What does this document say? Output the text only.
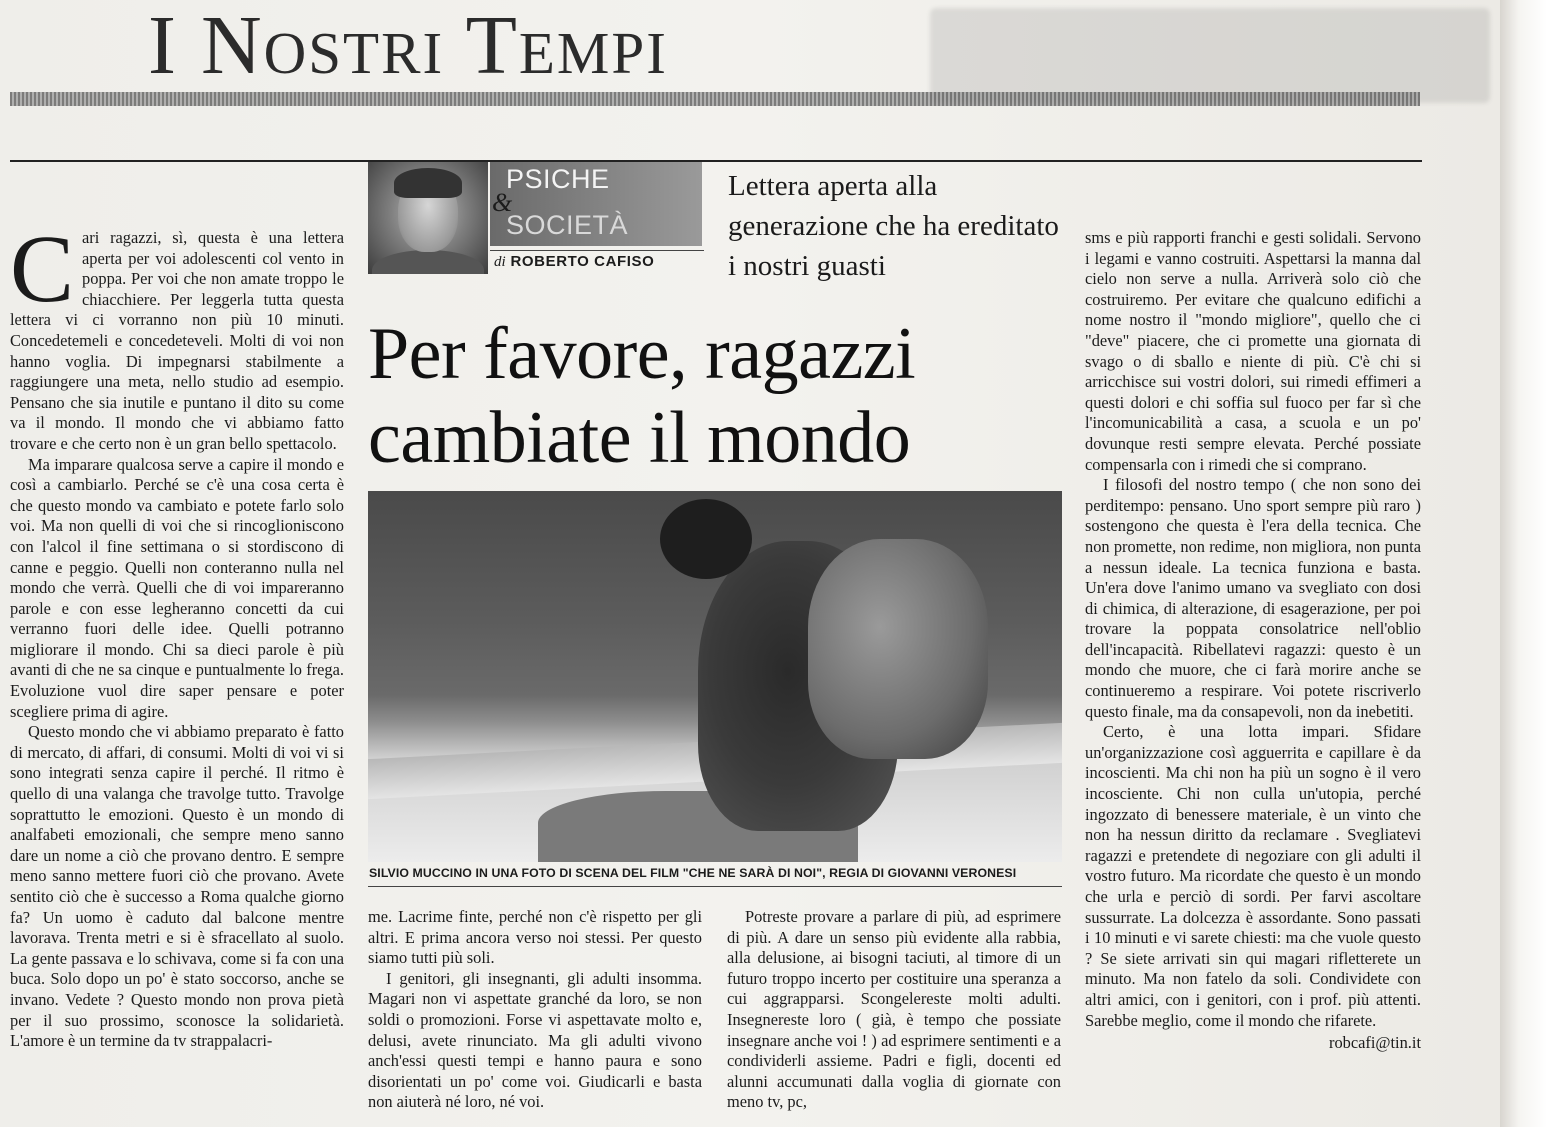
I Nostri Tempi
PSICHE
&
SOCIETÀ
di ROBERTO CAFISO
Lettera aperta alla generazione che ha ereditato i nostri guasti
Per favore, ragazzi
cambiate il mondo
SILVIO MUCCINO IN UNA FOTO DI SCENA DEL FILM "CHE NE SARÀ DI NOI", REGIA DI GIOVANNI VERONESI

Cari ragazzi, sì, questa è una lettera aperta per voi adolescenti col vento in poppa. Per voi che non amate troppo le chiacchiere. Per leggerla tutta questa lettera vi ci vorranno non più 10 minuti. Concedetemeli e concedeteveli. Molti di voi non hanno voglia. Di impegnarsi stabilmente a raggiungere una meta, nello studio ad esempio. Pensano che sia inutile e puntano il dito su come va il mondo. Il mondo che vi abbiamo fatto trovare e che certo non è un gran bello spettacolo.

Ma imparare qualcosa serve a capire il mondo e così a cambiarlo. Perché se c'è una cosa certa è che questo mondo va cambiato e potete farlo solo voi. Ma non quelli di voi che si rincoglioniscono con l'alcol il fine settimana o si stordiscono di canne e peggio. Quelli non conteranno nulla nel mondo che verrà. Quelli che di voi impareranno parole e con esse legheranno concetti da cui verranno fuori delle idee. Quelli potranno migliorare il mondo. Chi sa dieci parole è più avanti di che ne sa cinque e puntualmente lo frega. Evoluzione vuol dire saper pensare e poter scegliere prima di agire.

Questo mondo che vi abbiamo preparato è fatto di mercato, di affari, di consumi. Molti di voi vi si sono integrati senza capire il perché. Il ritmo è quello di una valanga che travolge tutto. Travolge soprattutto le emozioni. Questo è un mondo di analfabeti emozionali, che sempre meno sanno dare un nome a ciò che provano dentro. E sempre meno sanno mettere fuori ciò che provano. Avete sentito ciò che è successo a Roma qualche giorno fa? Un uomo è caduto dal balcone mentre lavorava. Trenta metri e si è sfracellato al suolo. La gente passava e lo schivava, come si fa con una buca. Solo dopo un po' è stato soccorso, anche se invano. Vedete ? Questo mondo non prova pietà per il suo prossimo, sconosce la solidarietà. L'amore è un termine da tv strappalacri-

me. Lacrime finte, perché non c'è rispetto per gli altri. E prima ancora verso noi stessi. Per questo siamo tutti più soli.

I genitori, gli insegnanti, gli adulti insomma. Magari non vi aspettate granché da loro, se non soldi o promozioni. Forse vi aspettavate molto e, delusi, avete rinunciato. Ma gli adulti vivono anch'essi questi tempi e hanno paura e sono disorientati un po' come voi. Giudicarli e basta non aiuterà né loro, né voi.

Potreste provare a parlare di più, ad esprimere di più. A dare un senso più evidente alla rabbia, alla delusione, ai bisogni taciuti, al timore di un futuro troppo incerto per costituire una speranza a cui aggrapparsi. Scongelereste molti adulti. Insegnereste loro ( già, è tempo che possiate insegnare anche voi ! ) ad esprimere sentimenti e a condividerli assieme. Padri e figli, docenti ed alunni accumunati dalla voglia di giornate con meno tv, pc,

sms e più rapporti franchi e gesti solidali. Servono i legami e vanno costruiti. Aspettarsi la manna dal cielo non serve a nulla. Arriverà solo ciò che costruiremo. Per evitare che qualcuno edifichi a nome nostro il "mondo migliore", quello che ci "deve" piacere, che ci promette una giornata di svago o di sballo e niente di più. C'è chi si arricchisce sui vostri dolori, sui rimedi effimeri a questi dolori e chi soffia sul fuoco per far sì che l'incomunicabilità a casa, a scuola e un po' dovunque resti sempre elevata. Perché possiate compensarla con i rimedi che si comprano.

I filosofi del nostro tempo ( che non sono dei perditempo: pensano. Uno sport sempre più raro ) sostengono che questa è l'era della tecnica. Che non promette, non redime, non migliora, non punta a nessun ideale. La tecnica funziona e basta. Un'era dove l'animo umano va svegliato con dosi di chimica, di alterazione, di esagerazione, per poi trovare la poppata consolatrice nell'oblio dell'incapacità. Ribellatevi ragazzi: questo è un mondo che muore, che ci farà morire anche se continueremo a respirare. Voi potete riscriverlo questo finale, ma da consapevoli, non da inebetiti.

Certo, è una lotta impari. Sfidare un'organizzazione così agguerrita e capillare è da incoscienti. Ma chi non ha più un sogno è il vero incosciente. Chi non culla un'utopia, perché ingozzato di benessere materiale, è un vinto che non ha nessun diritto da reclamare . Svegliatevi ragazzi e pretendete di negoziare con gli adulti il vostro futuro. Ma ricordate che questo è un mondo che urla e perciò di sordi. Per farvi ascoltare sussurrate. La dolcezza è assordante. Sono passati i 10 minuti e vi sarete chiesti: ma che vuole questo ? Se siete arrivati sin qui magari rifletterete un minuto. Ma non fatelo da soli. Condividete con altri amici, con i genitori, con i prof. più attenti. Sarebbe meglio, come il mondo che rifarete.

robcafi@tin.it
